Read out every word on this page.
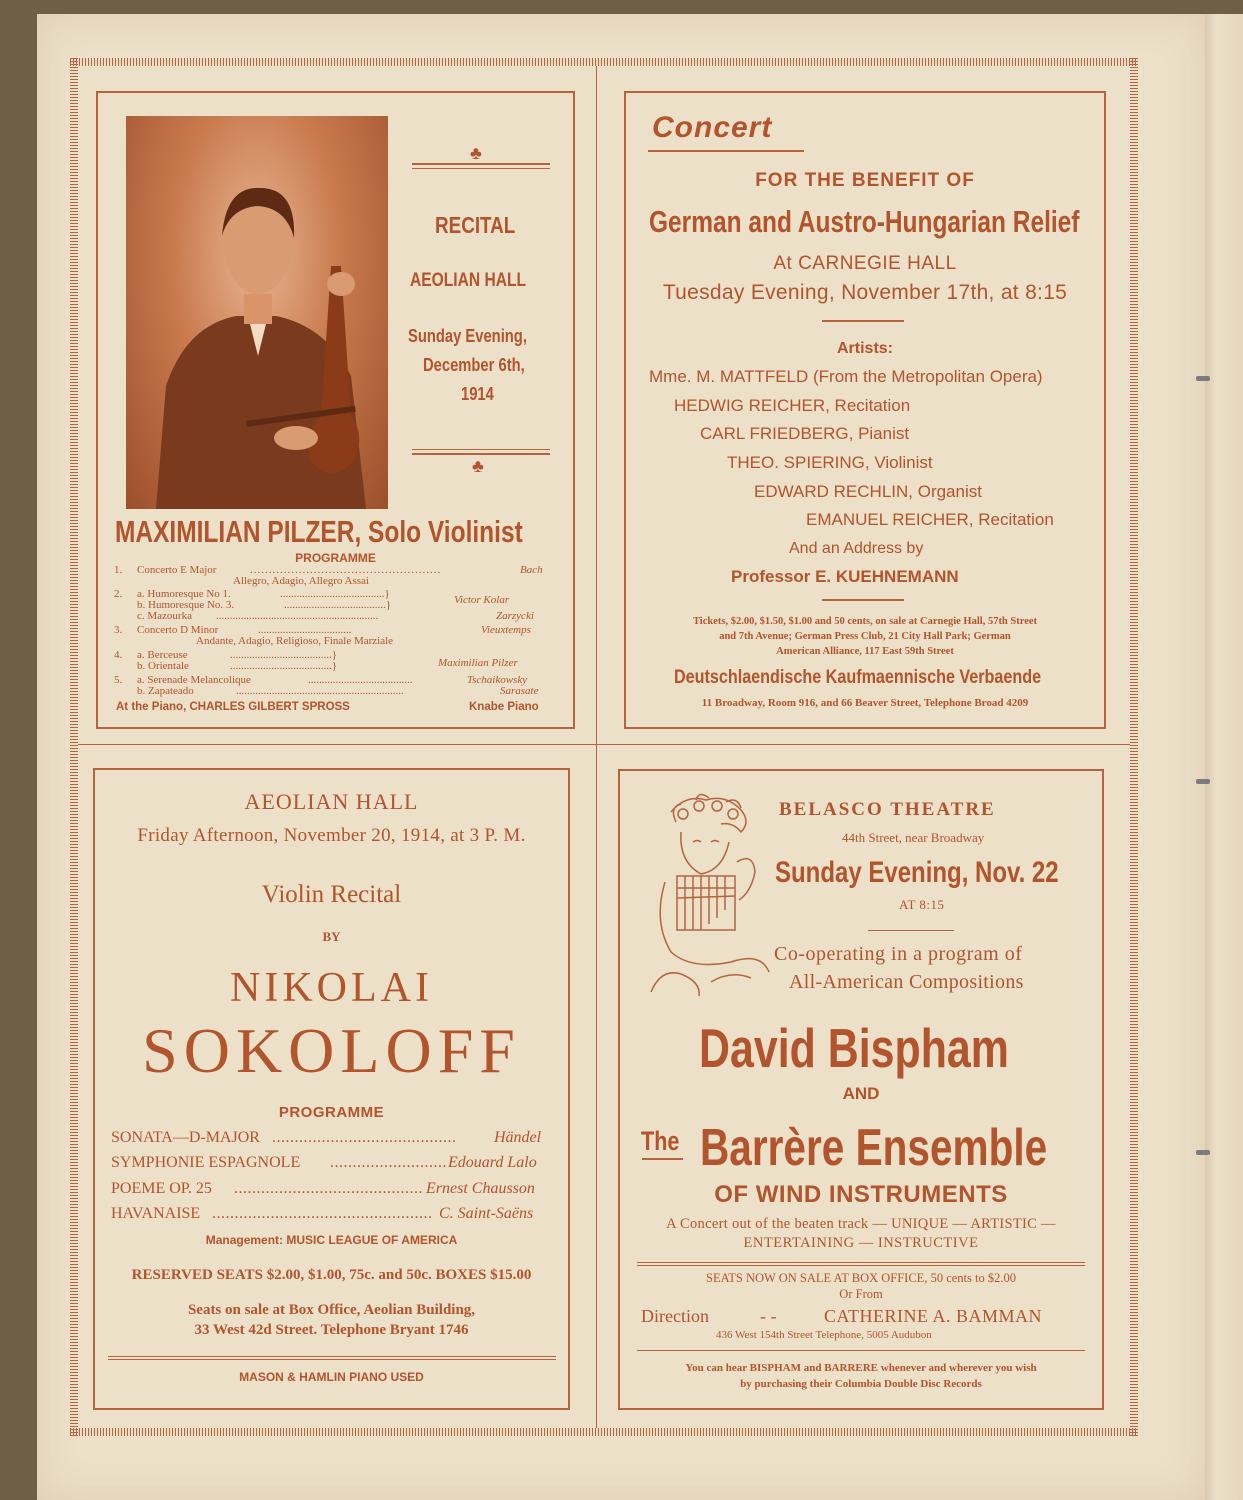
♣
RECITAL
AEOLIAN HALL
Sunday Evening,
December 6th,
1914
♣
MAXIMILIAN PILZER, Solo Violinist
PROGRAMME
1. Concerto E Major	...................................................	Bach
Allegro, Adagio, Allegro Assai
2. a. Humoresque No 1.	......................................}
b. Humoresque No. 3.	.....................................}	Victor Kolar
c. Mazourka ...........................................................	Zarzycki
3. Concerto D Minor	..................................	Vieuxtemps
Andante, Adagio, Religioso, Finale Marziale
4. a. Berceuse	.....................................}
b. Orientale	.....................................}	Maximilian Pilzer
5. a. Serenade Melancolique	......................................	Tschaikowsky
b. Zapateado	.............................................................	Sarasate
At the Piano, CHARLES GILBERT SPROSS	Knabe Piano
Concert
FOR THE BENEFIT OF
German and Austro-Hungarian Relief
At CARNEGIE HALL
Tuesday Evening, November 17th, at 8:15
Artists:
Mme. M. MATTFELD (From the Metropolitan Opera)
HEDWIG REICHER, Recitation
CARL FRIEDBERG, Pianist
THEO. SPIERING, Violinist
EDWARD RECHLIN, Organist
EMANUEL REICHER, Recitation
And an Address by
Professor E. KUEHNEMANN
Tickets, $2.00, $1.50, $1.00 and 50 cents, on sale at Carnegie Hall, 57th Street
and 7th Avenue; German Press Club, 21 City Hall Park; German
American Alliance, 117 East 59th Street
Deutschlaendische Kaufmaennische Verbaende
11 Broadway, Room 916, and 66 Beaver Street, Telephone Broad 4209
AEOLIAN HALL
Friday Afternoon, November 20, 1914, at 3 P. M.
Violin Recital
BY
NIKOLAI
SOKOLOFF
PROGRAMME
SONATA—D-MAJOR ......................................... Händel
SYMPHONIE ESPAGNOLE .......................... Edouard Lalo
POEME OP. 25 .......................................... Ernest Chausson
HAVANAISE ................................................. C. Saint-Saëns
Management: MUSIC LEAGUE OF AMERICA
RESERVED SEATS $2.00, $1.00, 75c. and 50c. BOXES $15.00
Seats on sale at Box Office, Aeolian Building,
33 West 42d Street. Telephone Bryant 1746
MASON & HAMLIN PIANO USED
BELASCO THEATRE
44th Street, near Broadway
Sunday Evening, Nov. 22
AT 8:15
Co-operating in a program of
All-American Compositions
David Bispham
AND
The Barrère Ensemble
OF WIND INSTRUMENTS
A Concert out of the beaten track — UNIQUE — ARTISTIC —
ENTERTAINING — INSTRUCTIVE
SEATS NOW ON SALE AT BOX OFFICE, 50 cents to $2.00
Or From
Direction	- -	CATHERINE A. BAMMAN
436 West 154th Street Telephone, 5005 Audubon
You can hear BISPHAM and BARRERE whenever and wherever you wish
by purchasing their Columbia Double Disc Records
